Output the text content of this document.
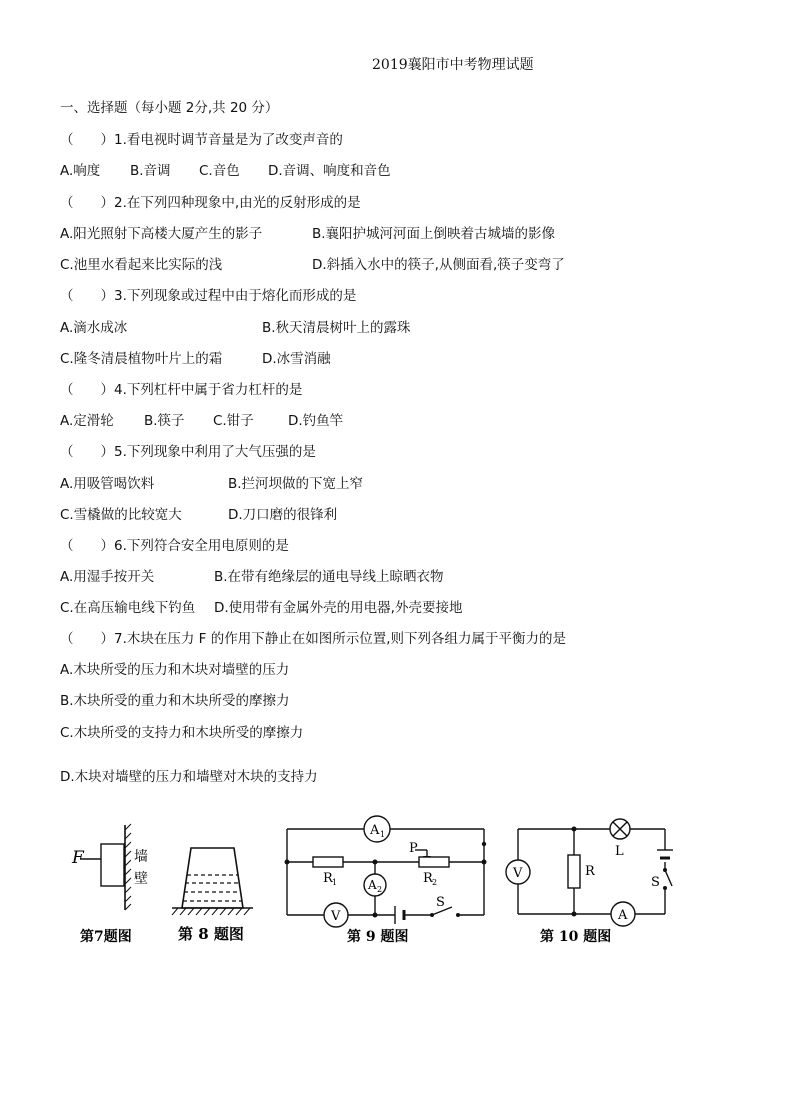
2019襄阳市中考物理试题
一、选择题（每小题 2分,共 20 分）
（　　）1.看电视时调节音量是为了改变声音的
A.响度 B.音调 C.音色 D.音调、响度和音色
（　　）2.在下列四种现象中,由光的反射形成的是
A.阳光照射下高楼大厦产生的影子	B.襄阳护城河河面上倒映着古城墙的影像
C.池里水看起来比实际的浅	D.斜插入水中的筷子,从侧面看,筷子变弯了
（　　）3.下列现象或过程中由于熔化而形成的是
A.滴水成冰	B.秋天清晨树叶上的露珠
C.隆冬清晨植物叶片上的霜	D.冰雪消融
（　　）4.下列杠杆中属于省力杠杆的是
A.定滑轮 B.筷子 C.钳子	D.钓鱼竿
（　　）5.下列现象中利用了大气压强的是
A.用吸管喝饮料	B.拦河坝做的下宽上窄
C.雪橇做的比较宽大	D.刀口磨的很锋利
（　　）6.下列符合安全用电原则的是
A.用湿手按开关	B.在带有绝缘层的通电导线上晾晒衣物
C.在高压输电线下钓鱼 D.使用带有金属外壳的用电器,外壳要接地
（　　）7.木块在压力 F 的作用下静止在如图所示位置,则下列各组力属于平衡力的是
A.木块所受的压力和木块对墙壁的压力
B.木块所受的重力和木块所受的摩擦力
C.木块所受的支持力和木块所受的摩擦力
D.木块对墙壁的压力和墙壁对木块的支持力
F	墙
壁
第7题图	第 8 题图
A 1
A 2
V
R 1	R 2
P
S
第 9 题图
L
V	R
A
S
第 10 题图
